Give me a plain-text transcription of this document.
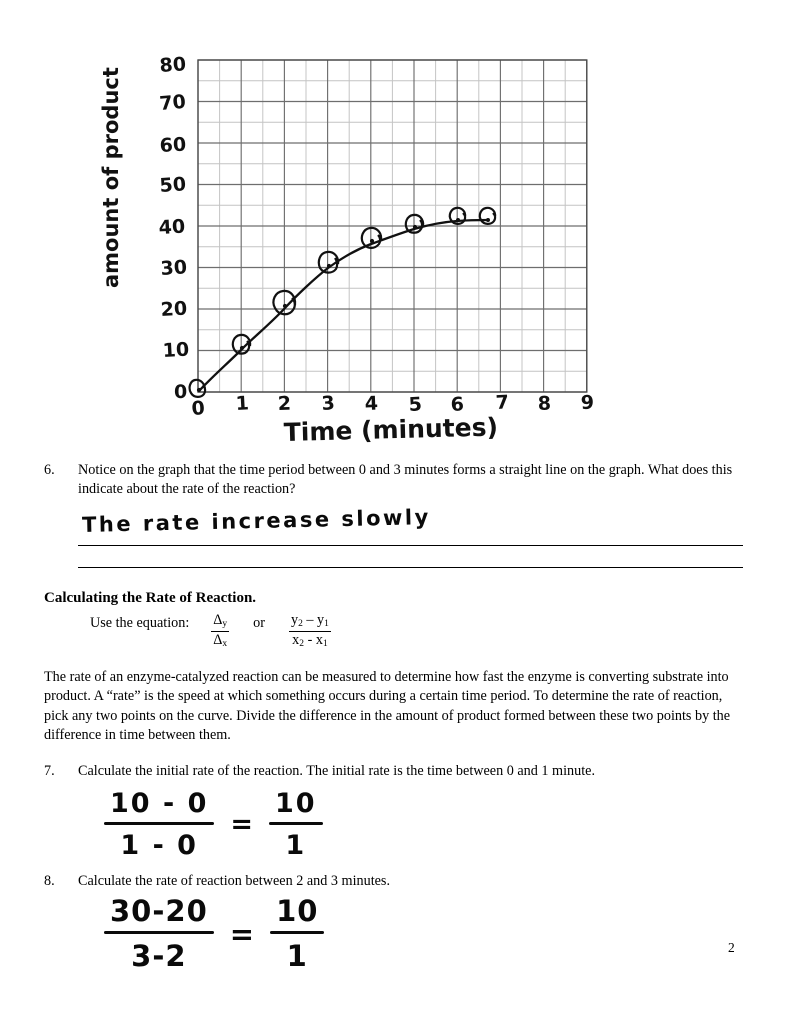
80
70
60
50
40
30
20
10
0
0 1 2 3 4 5 6 7 8 9
amount of product
Time (minutes)
6.	Notice on the graph that the time period between 0 and 3 minutes forms a straight line on the graph. What does this indicate about the rate of the reaction?
The rate increase slowly
Calculating the Rate of Reaction.
Use the equation: $\frac{\Delta_y}{\Delta_x}$	or	$\frac{y_2 - y_1}{x_2 - x_1}$
The rate of an enzyme-catalyzed reaction can be measured to determine how fast the enzyme is converting substrate into product. A “rate” is the speed at which something occurs during a certain time period. To determine the rate of reaction, pick any two points on the curve. Divide the difference in the amount of product formed between these two points by the difference in time between them.
7.	Calculate the initial rate of the reaction. The initial rate is the time between 0 and 1 minute.
$\frac{10 - 0}{1 - 0} = \frac{10}{1}$
8.	Calculate the rate of reaction between 2 and 3 minutes.
$\frac{30-20}{3-2} = \frac{10}{1}$	2
